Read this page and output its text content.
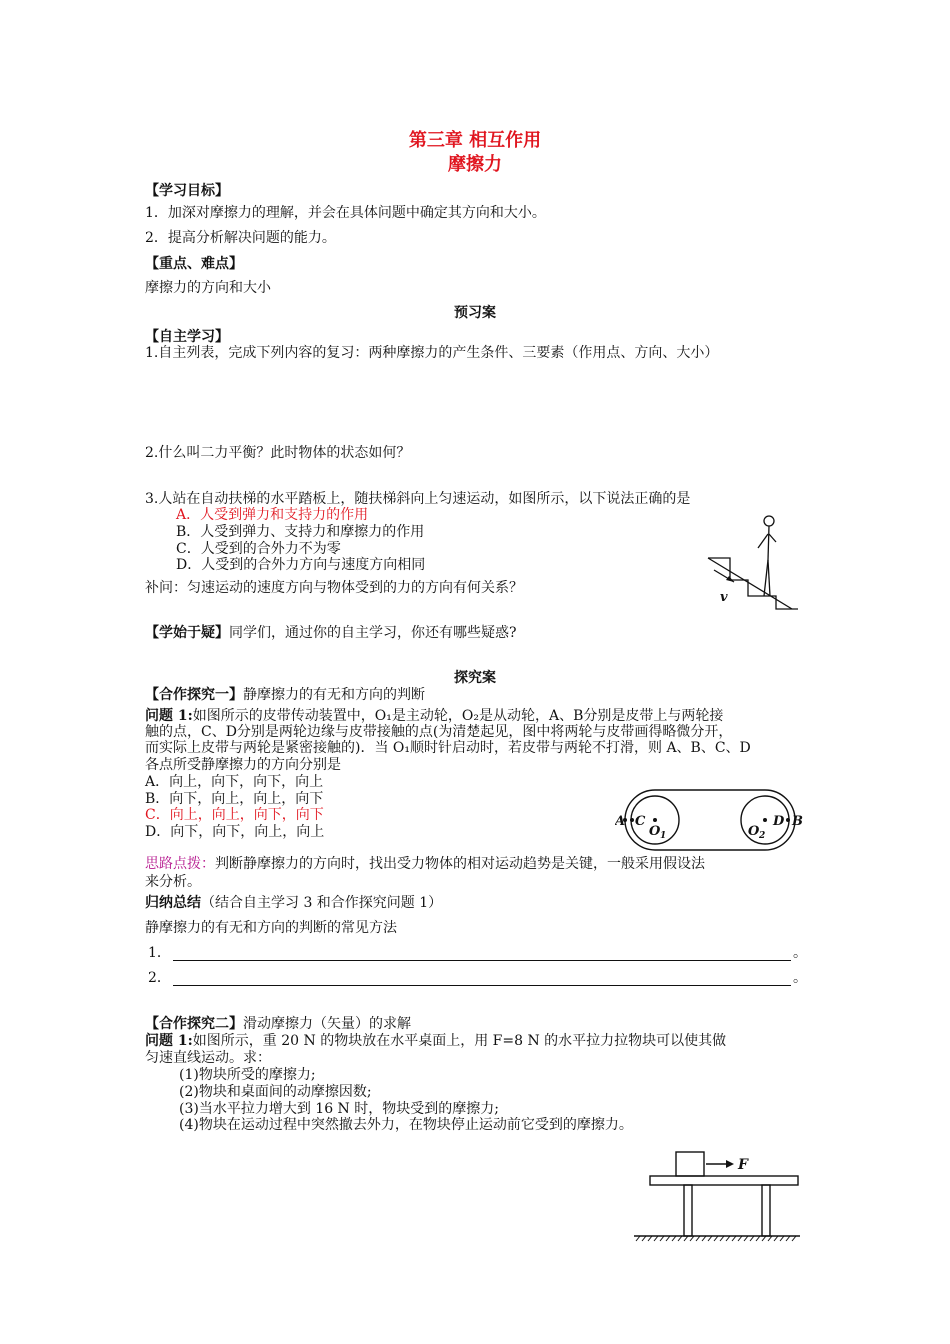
第三章 相互作用
摩擦力
【学习目标】
1．加深对摩擦力的理解，并会在具体问题中确定其方向和大小。
2．提高分析解决问题的能力。
【重点、难点】
摩擦力的方向和大小
预习案
【自主学习】
1.自主列表，完成下列内容的复习：两种摩擦力的产生条件、三要素（作用点、方向、大小）
2.什么叫二力平衡？此时物体的状态如何？
3.人站在自动扶梯的水平踏板上，随扶梯斜向上匀速运动，如图所示，以下说法正确的是
A．人受到弹力和支持力的作用
B．人受到弹力、支持力和摩擦力的作用
C．人受到的合外力不为零
D．人受到的合外力方向与速度方向相同
补问：匀速运动的速度方向与物体受到的力的方向有何关系？
v
【学始于疑】同学们，通过你的自主学习，你还有哪些疑惑?
探究案
【合作探究一】静摩擦力的有无和方向的判断
问题 1:如图所示的皮带传动装置中，O₁是主动轮，O₂是从动轮，A、B分别是皮带上与两轮接
触的点，C、D分别是两轮边缘与皮带接触的点(为清楚起见，图中将两轮与皮带画得略微分开，
而实际上皮带与两轮是紧密接触的)．当 O₁顺时针启动时，若皮带与两轮不打滑，则 A、B、C、D
各点所受静摩擦力的方向分别是
A．向上，向下，向下，向上
B．向下，向上，向上，向下
C．向上，向上，向下，向下
D．向下，向下，向上，向上
A C
O 1
D B
O 2
思路点拨：判断静摩擦力的方向时，找出受力物体的相对运动趋势是关键，一般采用假设法
来分析。
归纳总结（结合自主学习 3 和合作探究问题 1）
静摩擦力的有无和方向的判断的常见方法
1．	。
2．	。
【合作探究二】滑动摩擦力（矢量）的求解
问题 1:如图所示，重 20 N 的物块放在水平桌面上，用 F=8 N 的水平拉力拉物块可以使其做
匀速直线运动。求：
(1)物块所受的摩擦力;
(2)物块和桌面间的动摩擦因数;
(3)当水平拉力增大到 16 N 时，物块受到的摩擦力;
(4)物块在运动过程中突然撤去外力，在物块停止运动前它受到的摩擦力。
F
